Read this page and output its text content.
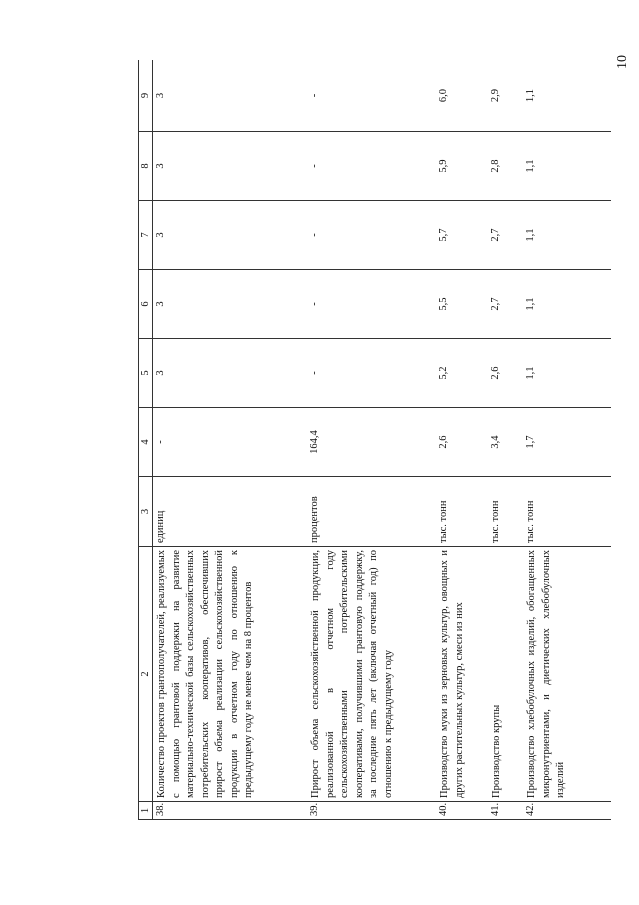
10
1	2	3	4	5	6	7	8	9
38.	Количество проектов грантополучателей, реализуемых с помощью грантовой поддержки на развитие материально-технической базы сельскохозяйственных потребительских кооперативов, обеспечивших прирост объема реализации сельскохозяйственной продукции в отчетном году по отношению к предыдущему году не менее чем на 8 процентов	единиц	-	3	3	3	3	3
39.	Прирост объема сельскохозяйственной продукции, реализованной в отчетном году сельскохозяйственными потребительскими кооперативами, получившими грантовую поддержку, за последние пять лет (включая отчетный год) по отношению к предыдущему году	процентов	164,4	-	-	-	-	-
40.	Производство муки из зерновых культур, овощных и других растительных культур, смеси из них	тыс. тонн	2,6	5,2	5,5	5,7	5,9	6,0
41.	Производство крупы	тыс. тонн	3,4	2,6	2,7	2,7	2,8	2,9
42.	Производство хлебобулочных изделий, обогащенных микронутриентами, и диетических хлебобулочных изделий	тыс. тонн	1,7	1,1	1,1	1,1	1,1	1,1
